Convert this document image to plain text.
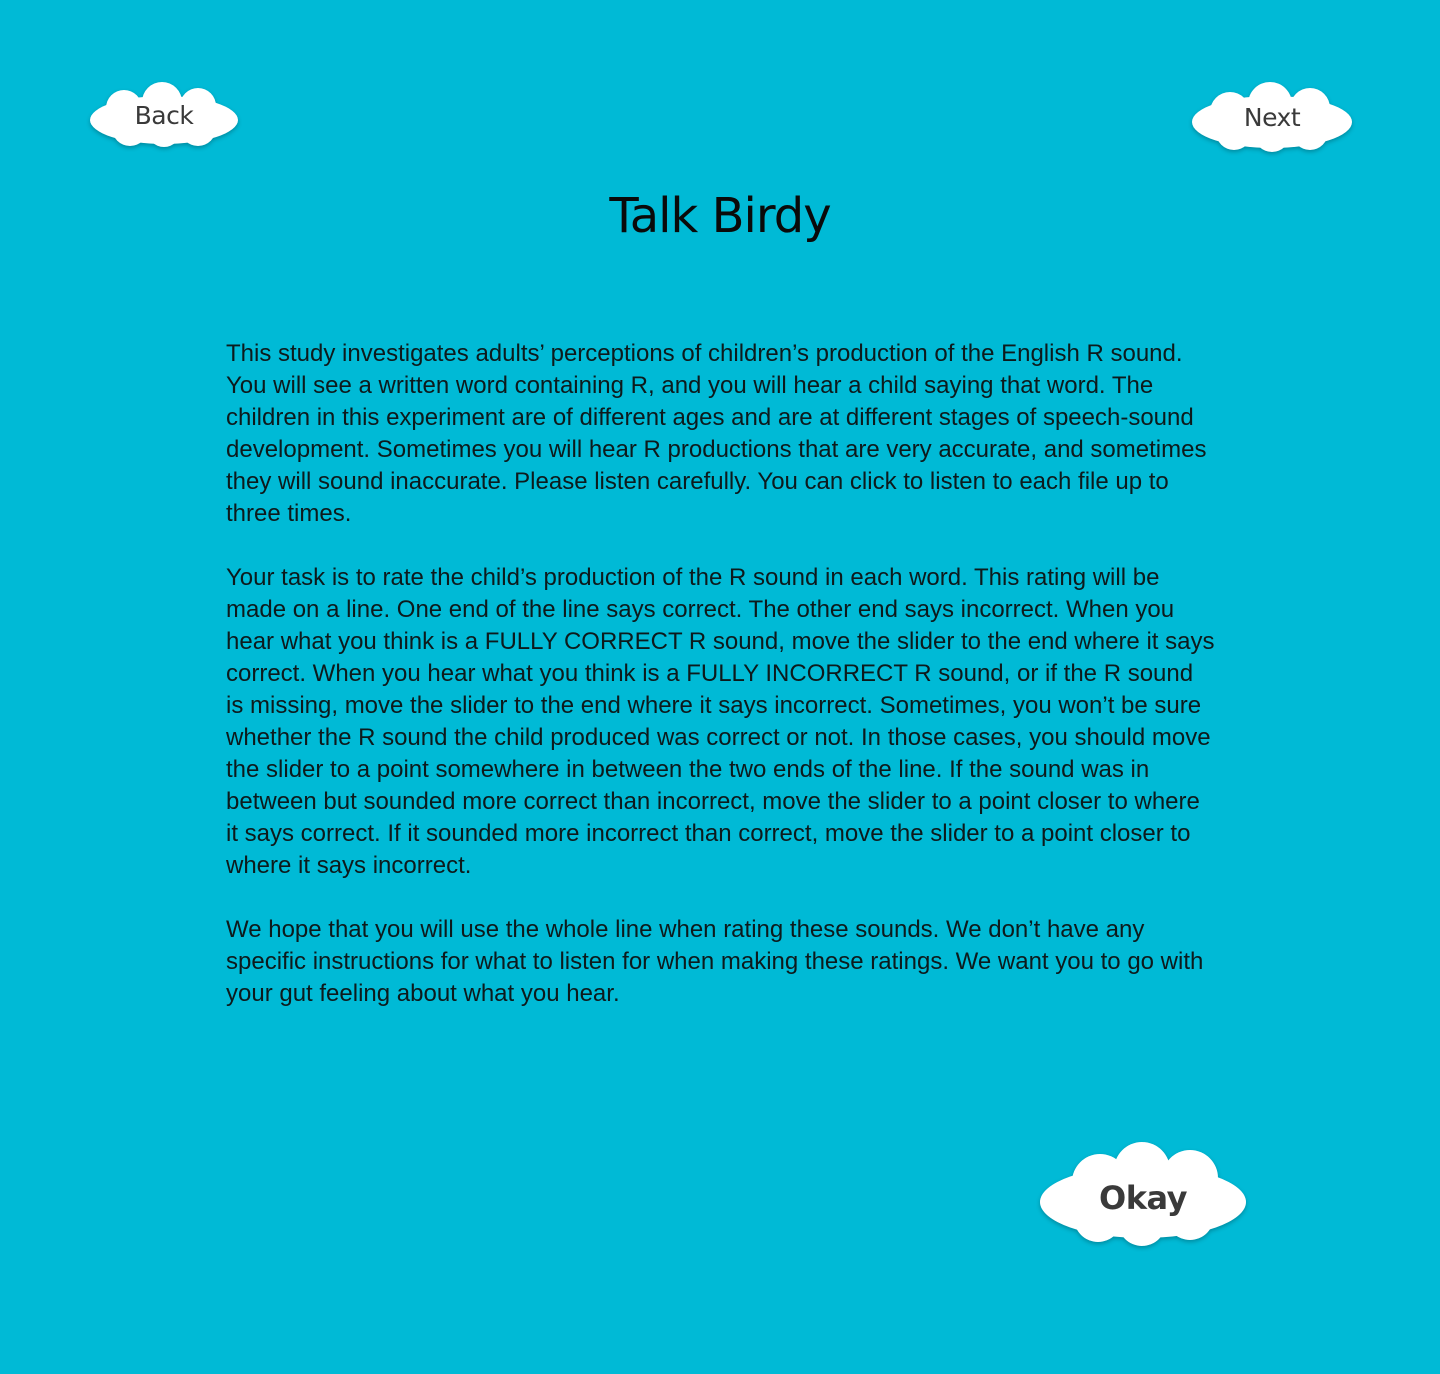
Back	Next
Talk Birdy

This study investigates adults’ perceptions of children’s production of the English R sound. You will see a written word containing R, and you will hear a child saying that word. The children in this experiment are of different ages and are at different stages of speech-sound development. Sometimes you will hear R productions that are very accurate, and sometimes they will sound inaccurate. Please listen carefully. You can click to listen to each file up to three times.

Your task is to rate the child’s production of the R sound in each word. This rating will be made on a line. One end of the line says correct. The other end says incorrect. When you hear what you think is a FULLY CORRECT R sound, move the slider to the end where it says correct. When you hear what you think is a FULLY INCORRECT R sound, or if the R sound is missing, move the slider to the end where it says incorrect. Sometimes, you won’t be sure whether the R sound the child produced was correct or not. In those cases, you should move the slider to a point somewhere in between the two ends of the line. If the sound was in between but sounded more correct than incorrect, move the slider to a point closer to where it says correct. If it sounded more incorrect than correct, move the slider to a point closer to where it says incorrect.

We hope that you will use the whole line when rating these sounds. We don’t have any specific instructions for what to listen for when making these ratings. We want you to go with your gut feeling about what you hear.

Okay
